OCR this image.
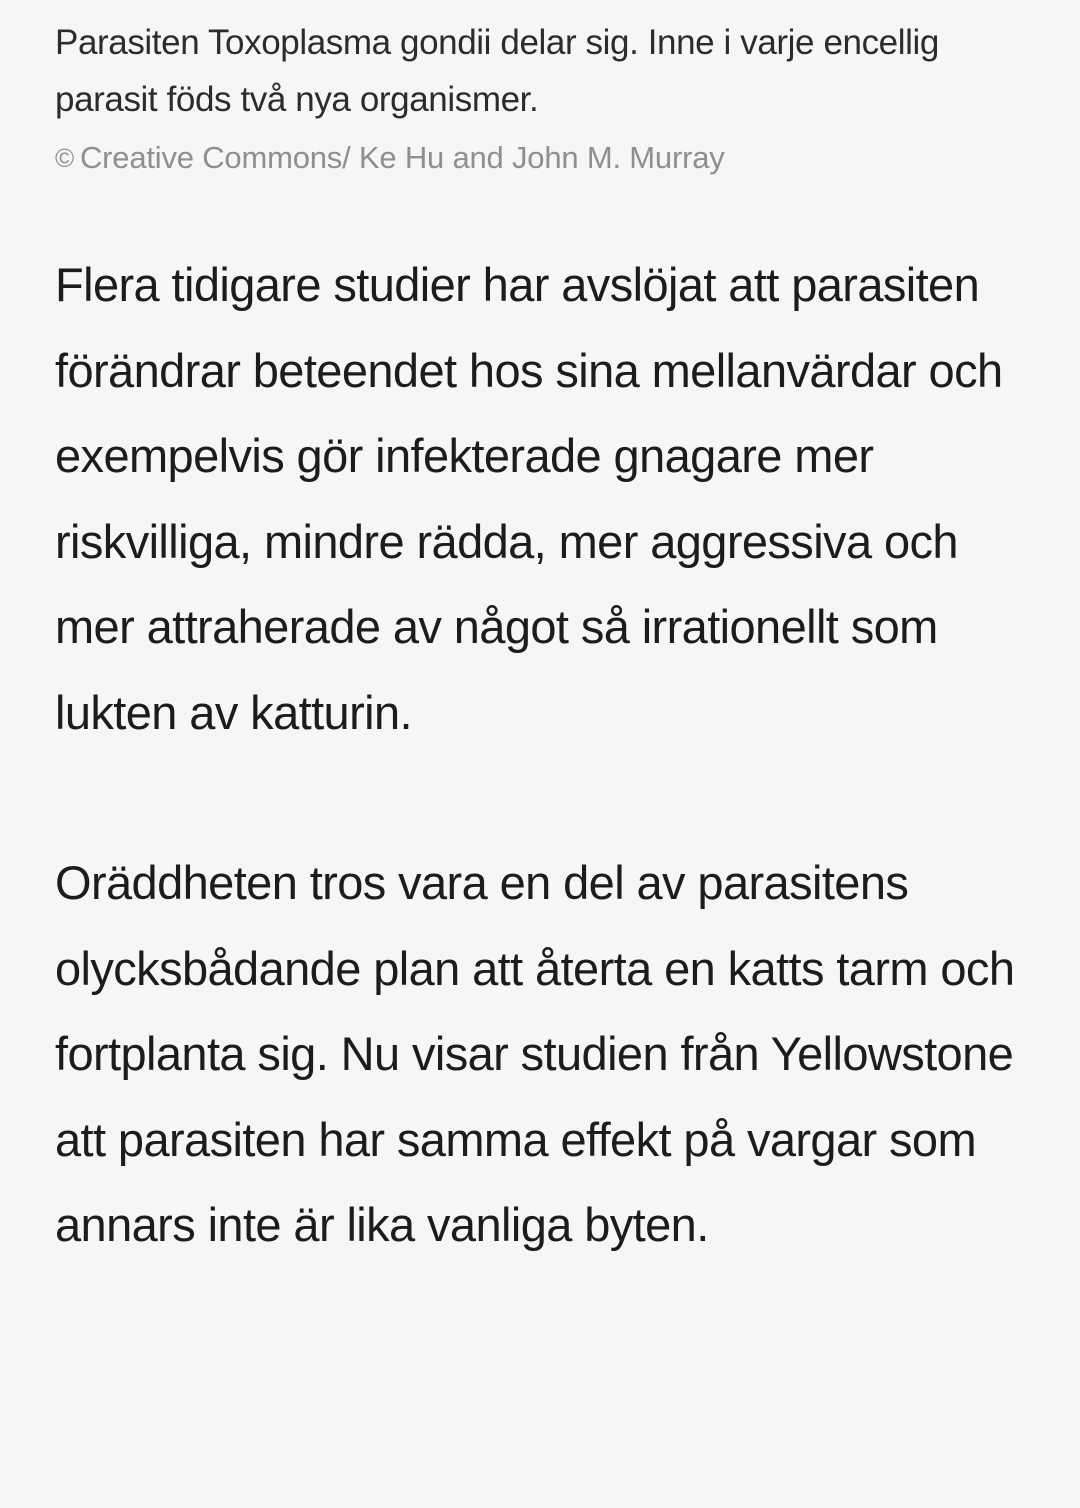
Parasiten Toxoplasma gondii delar sig. Inne i varje encellig parasit föds två nya organismer.

© Creative Commons/ Ke Hu and John M. Murray

Flera tidigare studier har avslöjat att parasiten förändrar beteendet hos sina mellanvärdar och exempelvis gör infekterade gnagare mer riskvilliga, mindre rädda, mer aggressiva och mer attraherade av något så irrationellt som lukten av katturin.

Oräddheten tros vara en del av parasitens olycksbådande plan att återta en katts tarm och fortplanta sig. Nu visar studien från Yellowstone att parasiten har samma effekt på vargar som annars inte är lika vanliga byten.
